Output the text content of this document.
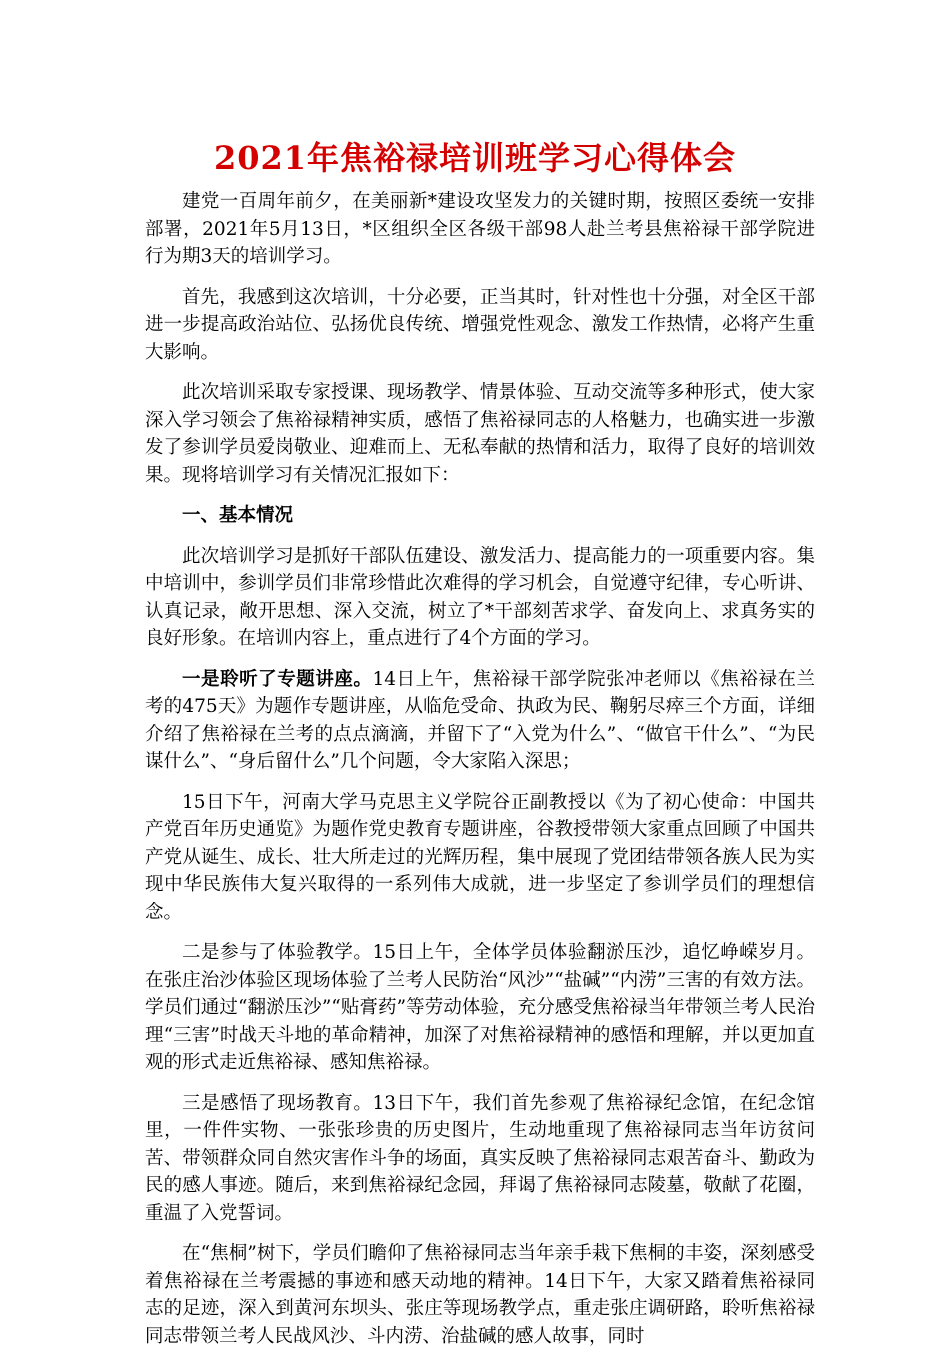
2021年焦裕禄培训班学习心得体会

建党一百周年前夕，在美丽新*建设攻坚发力的关键时期，按照区委统一安排部署，2021年5月13日，*区组织全区各级干部98人赴兰考县焦裕禄干部学院进行为期3天的培训学习。

首先，我感到这次培训，十分必要，正当其时，针对性也十分强，对全区干部进一步提高政治站位、弘扬优良传统、增强党性观念、激发工作热情，必将产生重大影响。

此次培训采取专家授课、现场教学、情景体验、互动交流等多种形式，使大家深入学习领会了焦裕禄精神实质，感悟了焦裕禄同志的人格魅力，也确实进一步激发了参训学员爱岗敬业、迎难而上、无私奉献的热情和活力，取得了良好的培训效果。现将培训学习有关情况汇报如下：

一、基本情况

此次培训学习是抓好干部队伍建设、激发活力、提高能力的一项重要内容。集中培训中，参训学员们非常珍惜此次难得的学习机会，自觉遵守纪律，专心听讲、认真记录，敞开思想、深入交流，树立了*干部刻苦求学、奋发向上、求真务实的良好形象。在培训内容上，重点进行了4个方面的学习。

一是聆听了专题讲座。14日上午，焦裕禄干部学院张冲老师以《焦裕禄在兰考的475天》为题作专题讲座，从临危受命、执政为民、鞠躬尽瘁三个方面，详细介绍了焦裕禄在兰考的点点滴滴，并留下了“入党为什么”、“做官干什么”、“为民谋什么”、“身后留什么”几个问题，令大家陷入深思；

15日下午，河南大学马克思主义学院谷正副教授以《为了初心使命：中国共产党百年历史通览》为题作党史教育专题讲座，谷教授带领大家重点回顾了中国共产党从诞生、成长、壮大所走过的光辉历程，集中展现了党团结带领各族人民为实现中华民族伟大复兴取得的一系列伟大成就，进一步坚定了参训学员们的理想信念。

二是参与了体验教学。15日上午，全体学员体验翻淤压沙，追忆峥嵘岁月。在张庄治沙体验区现场体验了兰考人民防治“风沙”“盐碱”“内涝”三害的有效方法。学员们通过“翻淤压沙”“贴膏药”等劳动体验，充分感受焦裕禄当年带领兰考人民治理“三害”时战天斗地的革命精神，加深了对焦裕禄精神的感悟和理解，并以更加直观的形式走近焦裕禄、感知焦裕禄。

三是感悟了现场教育。13日下午，我们首先参观了焦裕禄纪念馆，在纪念馆里，一件件实物、一张张珍贵的历史图片，生动地重现了焦裕禄同志当年访贫问苦、带领群众同自然灾害作斗争的场面，真实反映了焦裕禄同志艰苦奋斗、勤政为民的感人事迹。随后，来到焦裕禄纪念园，拜谒了焦裕禄同志陵墓，敬献了花圈，重温了入党誓词。

在“焦桐”树下，学员们瞻仰了焦裕禄同志当年亲手栽下焦桐的丰姿，深刻感受着焦裕禄在兰考震撼的事迹和感天动地的精神。14日下午，大家又踏着焦裕禄同志的足迹，深入到黄河东坝头、张庄等现场教学点，重走张庄调研路，聆听焦裕禄同志带领兰考人民战风沙、斗内涝、治盐碱的感人故事，同时
